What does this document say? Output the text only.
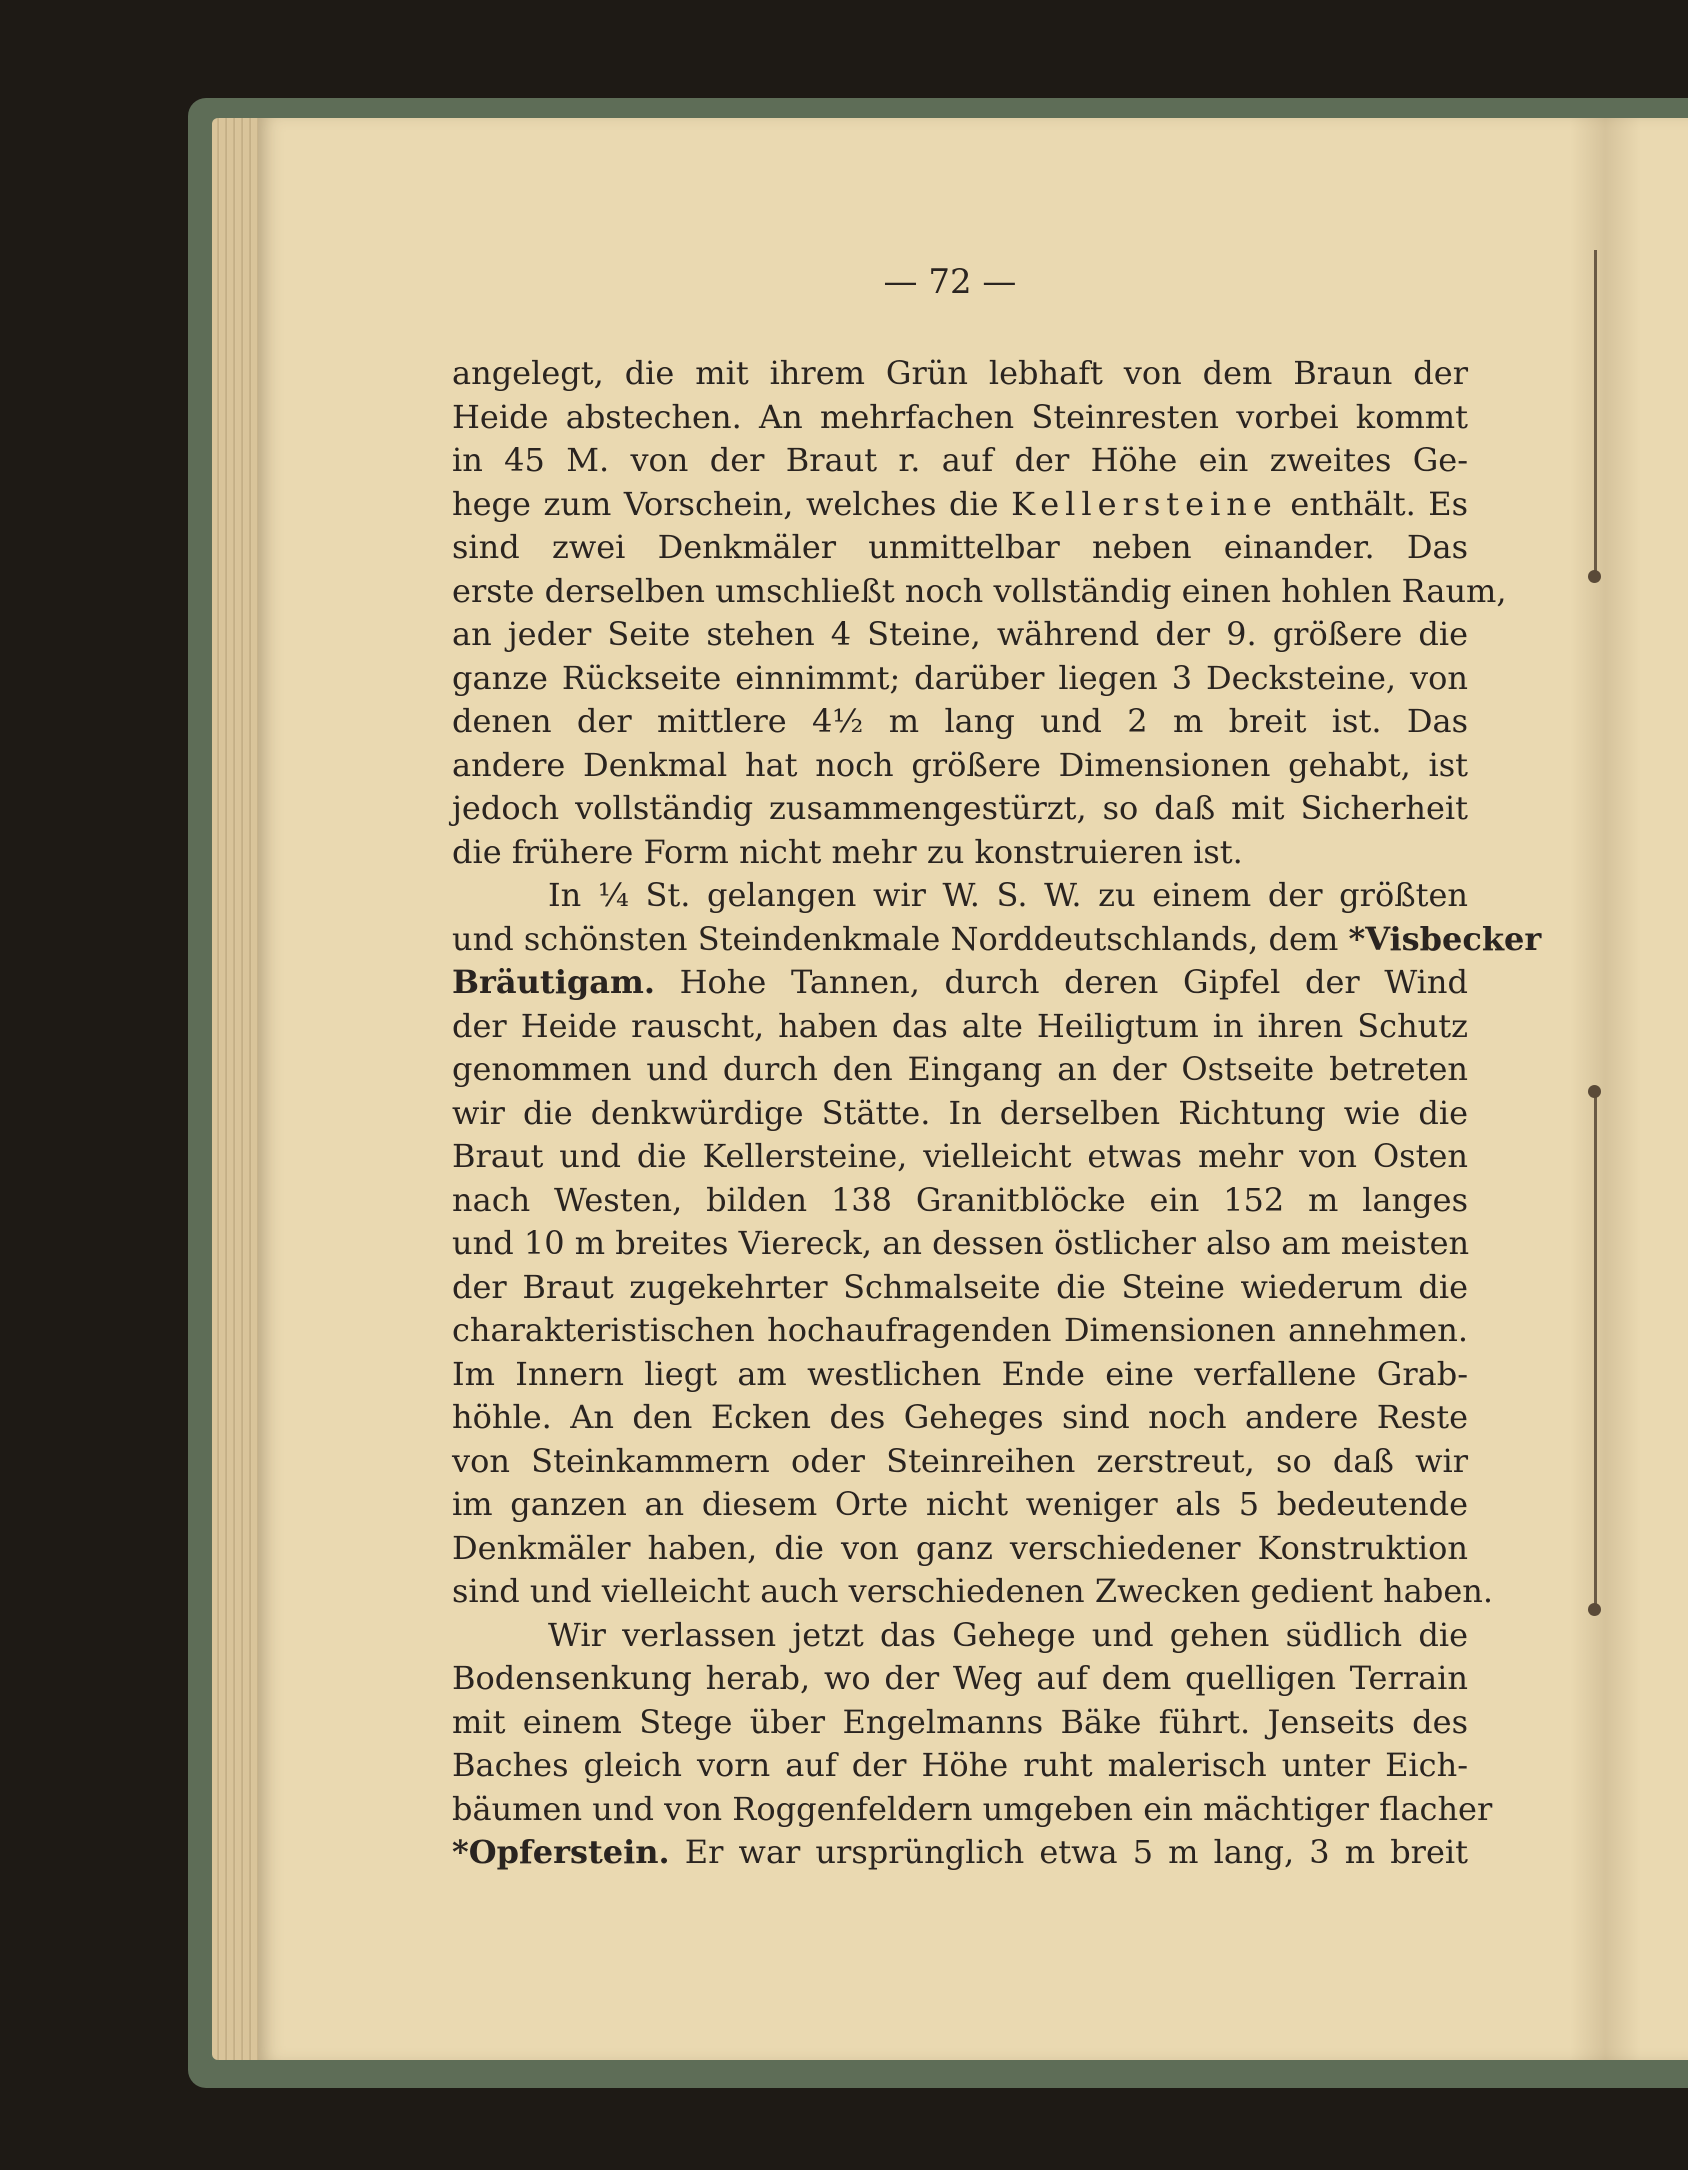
— 72 —
angelegt, die mit ihrem Grün lebhaft von dem Braun der
Heide abstechen. An mehrfachen Steinresten vorbei kommt
in 45 M. von der Braut r. auf der Höhe ein zweites Ge-
hege zum Vorschein, welches die Kellersteine enthält. Es
sind zwei Denkmäler unmittelbar neben einander. Das
erste derselben umschließt noch vollständig einen hohlen Raum,
an jeder Seite stehen 4 Steine, während der 9. größere die
ganze Rückseite einnimmt; darüber liegen 3 Decksteine, von
denen der mittlere 4½ m lang und 2 m breit ist. Das
andere Denkmal hat noch größere Dimensionen gehabt, ist
jedoch vollständig zusammengestürzt, so daß mit Sicherheit
die frühere Form nicht mehr zu konstruieren ist.
In ¼ St. gelangen wir W. S. W. zu einem der größten
und schönsten Steindenkmale Norddeutschlands, dem *Visbecker
Bräutigam. Hohe Tannen, durch deren Gipfel der Wind
der Heide rauscht, haben das alte Heiligtum in ihren Schutz
genommen und durch den Eingang an der Ostseite betreten
wir die denkwürdige Stätte. In derselben Richtung wie die
Braut und die Kellersteine, vielleicht etwas mehr von Osten
nach Westen, bilden 138 Granitblöcke ein 152 m langes
und 10 m breites Viereck, an dessen östlicher also am meisten
der Braut zugekehrter Schmalseite die Steine wiederum die
charakteristischen hochaufragenden Dimensionen annehmen.
Im Innern liegt am westlichen Ende eine verfallene Grab-
höhle. An den Ecken des Geheges sind noch andere Reste
von Steinkammern oder Steinreihen zerstreut, so daß wir
im ganzen an diesem Orte nicht weniger als 5 bedeutende
Denkmäler haben, die von ganz verschiedener Konstruktion
sind und vielleicht auch verschiedenen Zwecken gedient haben.
Wir verlassen jetzt das Gehege und gehen südlich die
Bodensenkung herab, wo der Weg auf dem quelligen Terrain
mit einem Stege über Engelmanns Bäke führt. Jenseits des
Baches gleich vorn auf der Höhe ruht malerisch unter Eich-
bäumen und von Roggenfeldern umgeben ein mächtiger flacher
*Opferstein. Er war ursprünglich etwa 5 m lang, 3 m breit
